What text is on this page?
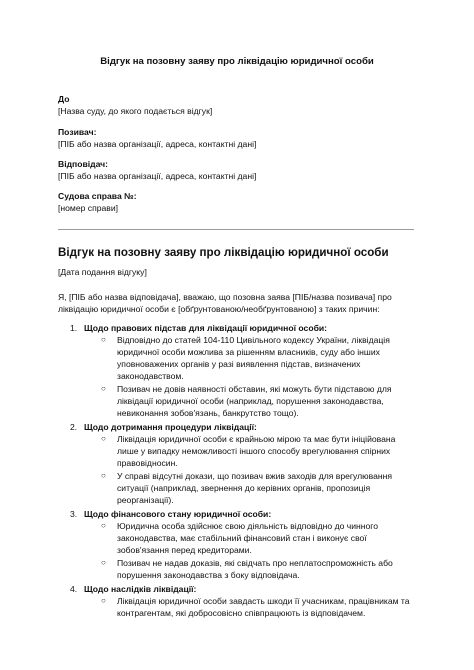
Відгук на позовну заяву про ліквідацію юридичної особи
До
[Назва суду, до якого подається відгук]
Позивач:
[ПІБ або назва організації, адреса, контактні дані]
Відповідач:
[ПІБ або назва організації, адреса, контактні дані]
Судова справа №:
[номер справи]
Відгук на позовну заяву про ліквідацію юридичної особи
[Дата подання відгуку]
Я, [ПІБ або назва відповідача], вважаю, що позовна заява [ПІБ/назва позивача] про
ліквідацію юридичної особи є [обґрунтованою/необґрунтованою] з таких причин:
1. Щодо правових підстав для ліквідації юридичної особи:
○ Відповідно до статей 104-110 Цивільного кодексу України, ліквідація
юридичної особи можлива за рішенням власників, суду або інших
уповноважених органів у разі виявлення підстав, визначених
законодавством.
○ Позивач не довів наявності обставин, які можуть бути підставою для
ліквідації юридичної особи (наприклад, порушення законодавства,
невиконання зобов'язань, банкрутство тощо).
2. Щодо дотримання процедури ліквідації:
○ Ліквідація юридичної особи є крайньою мірою та має бути ініційована
лише у випадку неможливості іншого способу врегулювання спірних
правовідносин.
○ У справі відсутні докази, що позивач вжив заходів для врегулювання
ситуації (наприклад, звернення до керівних органів, пропозиція
реорганізації).
3. Щодо фінансового стану юридичної особи:
○ Юридична особа здійснює свою діяльність відповідно до чинного
законодавства, має стабільний фінансовий стан і виконує свої
зобов'язання перед кредиторами.
○ Позивач не надав доказів, які свідчать про неплатоспроможність або
порушення законодавства з боку відповідача.
4. Щодо наслідків ліквідації:
○ Ліквідація юридичної особи завдасть шкоди її учасникам, працівникам та
контрагентам, які добросовісно співпрацюють із відповідачем.
